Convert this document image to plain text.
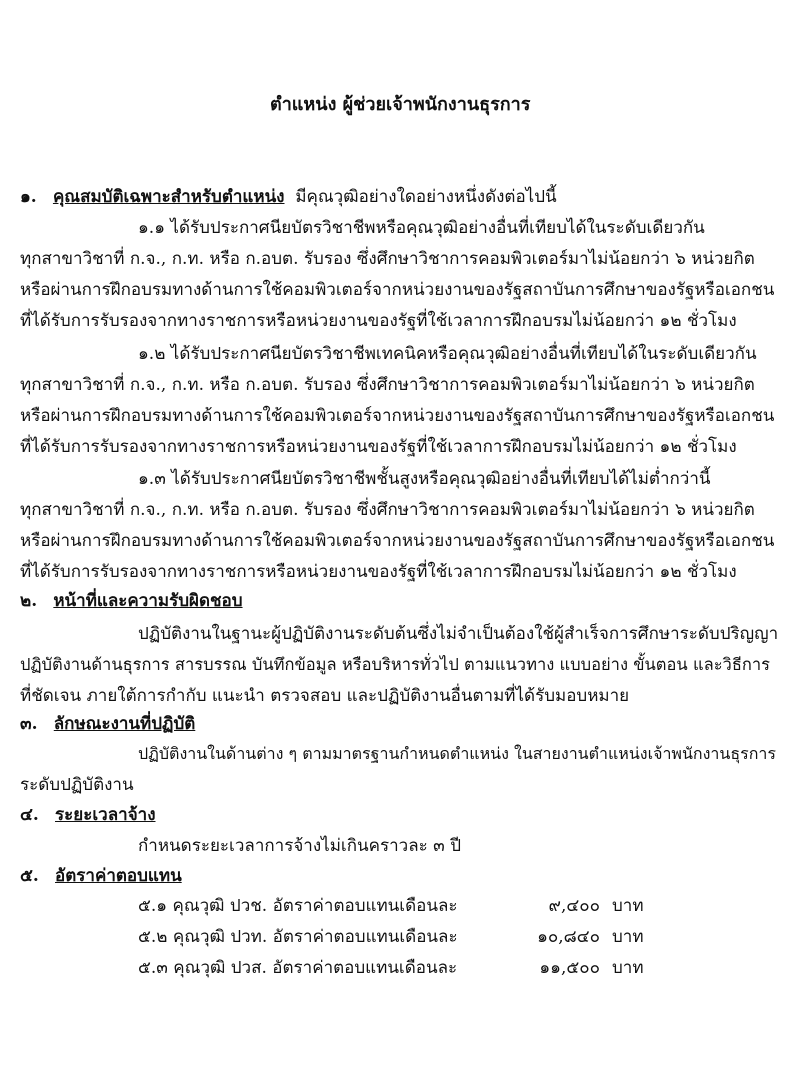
ตำแหน่ง ผู้ช่วยเจ้าพนักงานธุรการ
๑. คุณสมบัติเฉพาะสำหรับตำแหน่ง มีคุณวุฒิอย่างใดอย่างหนึ่งดังต่อไปนี้
๑.๑ ได้รับประกาศนียบัตรวิชาชีพหรือคุณวุฒิอย่างอื่นที่เทียบได้ในระดับเดียวกัน
ทุกสาขาวิชาที่ ก.จ., ก.ท. หรือ ก.อบต. รับรอง ซึ่งศึกษาวิชาการคอมพิวเตอร์มาไม่น้อยกว่า ๖ หน่วยกิต
หรือผ่านการฝึกอบรมทางด้านการใช้คอมพิวเตอร์จากหน่วยงานของรัฐสถาบันการศึกษาของรัฐหรือเอกชน
ที่ได้รับการรับรองจากทางราชการหรือหน่วยงานของรัฐที่ใช้เวลาการฝึกอบรมไม่น้อยกว่า ๑๒ ชั่วโมง
๑.๒ ได้รับประกาศนียบัตรวิชาชีพเทคนิคหรือคุณวุฒิอย่างอื่นที่เทียบได้ในระดับเดียวกัน
ทุกสาขาวิชาที่ ก.จ., ก.ท. หรือ ก.อบต. รับรอง ซึ่งศึกษาวิชาการคอมพิวเตอร์มาไม่น้อยกว่า ๖ หน่วยกิต
หรือผ่านการฝึกอบรมทางด้านการใช้คอมพิวเตอร์จากหน่วยงานของรัฐสถาบันการศึกษาของรัฐหรือเอกชน
ที่ได้รับการรับรองจากทางราชการหรือหน่วยงานของรัฐที่ใช้เวลาการฝึกอบรมไม่น้อยกว่า ๑๒ ชั่วโมง
๑.๓ ได้รับประกาศนียบัตรวิชาชีพชั้นสูงหรือคุณวุฒิอย่างอื่นที่เทียบได้ไม่ต่ำกว่านี้
ทุกสาขาวิชาที่ ก.จ., ก.ท. หรือ ก.อบต. รับรอง ซึ่งศึกษาวิชาการคอมพิวเตอร์มาไม่น้อยกว่า ๖ หน่วยกิต
หรือผ่านการฝึกอบรมทางด้านการใช้คอมพิวเตอร์จากหน่วยงานของรัฐสถาบันการศึกษาของรัฐหรือเอกชน
ที่ได้รับการรับรองจากทางราชการหรือหน่วยงานของรัฐที่ใช้เวลาการฝึกอบรมไม่น้อยกว่า ๑๒ ชั่วโมง
๒. หน้าที่และความรับผิดชอบ
ปฏิบัติงานในฐานะผู้ปฏิบัติงานระดับต้นซึ่งไม่จำเป็นต้องใช้ผู้สำเร็จการศึกษาระดับปริญญา
ปฏิบัติงานด้านธุรการ สารบรรณ บันทึกข้อมูล หรือบริหารทั่วไป ตามแนวทาง แบบอย่าง ขั้นตอน และวิธีการ
ที่ชัดเจน ภายใต้การกำกับ แนะนำ ตรวจสอบ และปฏิบัติงานอื่นตามที่ได้รับมอบหมาย
๓. ลักษณะงานที่ปฏิบัติ
ปฏิบัติงานในด้านต่าง ๆ ตามมาตรฐานกำหนดตำแหน่ง ในสายงานตำแหน่งเจ้าพนักงานธุรการ
ระดับปฏิบัติงาน
๔. ระยะเวลาจ้าง
กำหนดระยะเวลาการจ้างไม่เกินคราวละ ๓ ปี
๕. อัตราค่าตอบแทน
๕.๑ คุณวุฒิ ปวช. อัตราค่าตอบแทนเดือนละ	๙,๔๐๐ บาท
๕.๒ คุณวุฒิ ปวท. อัตราค่าตอบแทนเดือนละ	๑๐,๘๔๐ บาท
๕.๓ คุณวุฒิ ปวส. อัตราค่าตอบแทนเดือนละ	๑๑,๕๐๐ บาท
